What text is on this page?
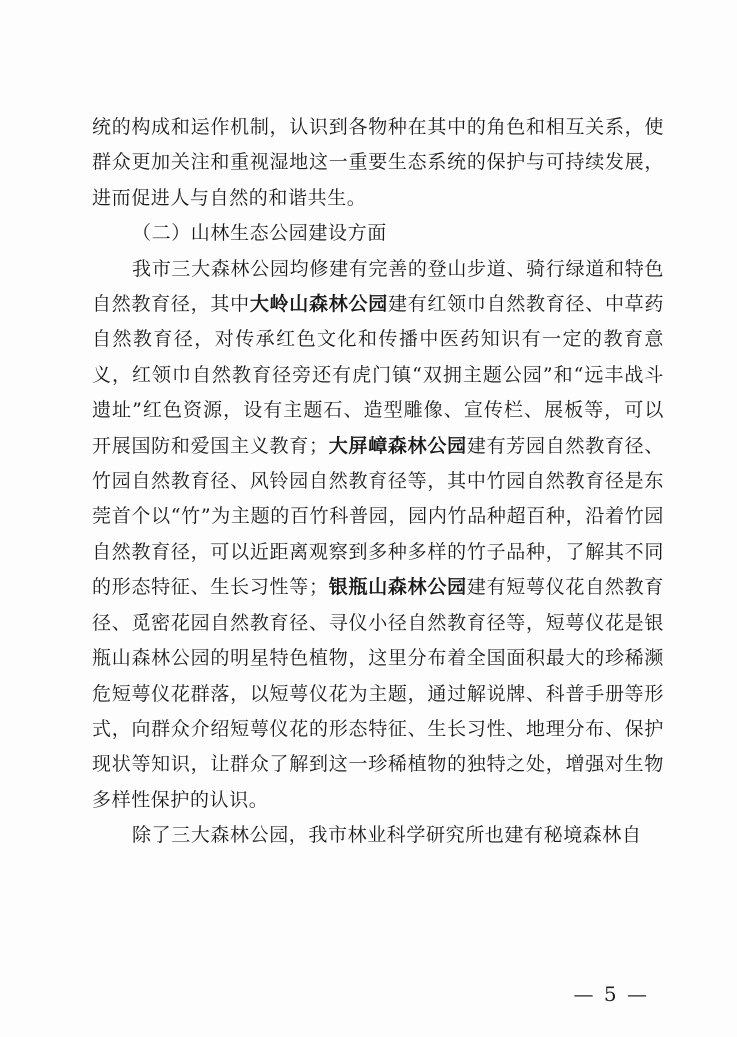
统的构成和运作机制，认识到各物种在其中的角色和相互关系，使群众更加关注和重视湿地这一重要生态系统的保护与可持续发展，进而促进人与自然的和谐共生。

（二）山林生态公园建设方面

我市三大森林公园均修建有完善的登山步道、骑行绿道和特色自然教育径，其中大岭山森林公园建有红领巾自然教育径、中草药自然教育径，对传承红色文化和传播中医药知识有一定的教育意义，红领巾自然教育径旁还有虎门镇“双拥主题公园”和“远丰战斗遗址”红色资源，设有主题石、造型雕像、宣传栏、展板等，可以开展国防和爱国主义教育；大屏嶂森林公园建有芳园自然教育径、竹园自然教育径、风铃园自然教育径等，其中竹园自然教育径是东莞首个以“竹”为主题的百竹科普园，园内竹品种超百种，沿着竹园自然教育径，可以近距离观察到多种多样的竹子品种，了解其不同的形态特征、生长习性等；银瓶山森林公园建有短萼仪花自然教育径、觅密花园自然教育径、寻仪小径自然教育径等，短萼仪花是银瓶山森林公园的明星特色植物，这里分布着全国面积最大的珍稀濒危短萼仪花群落，以短萼仪花为主题，通过解说牌、科普手册等形式，向群众介绍短萼仪花的形态特征、生长习性、地理分布、保护现状等知识，让群众了解到这一珍稀植物的独特之处，增强对生物多样性保护的认识。

除了三大森林公园，我市林业科学研究所也建有秘境森林自

— 5 —
